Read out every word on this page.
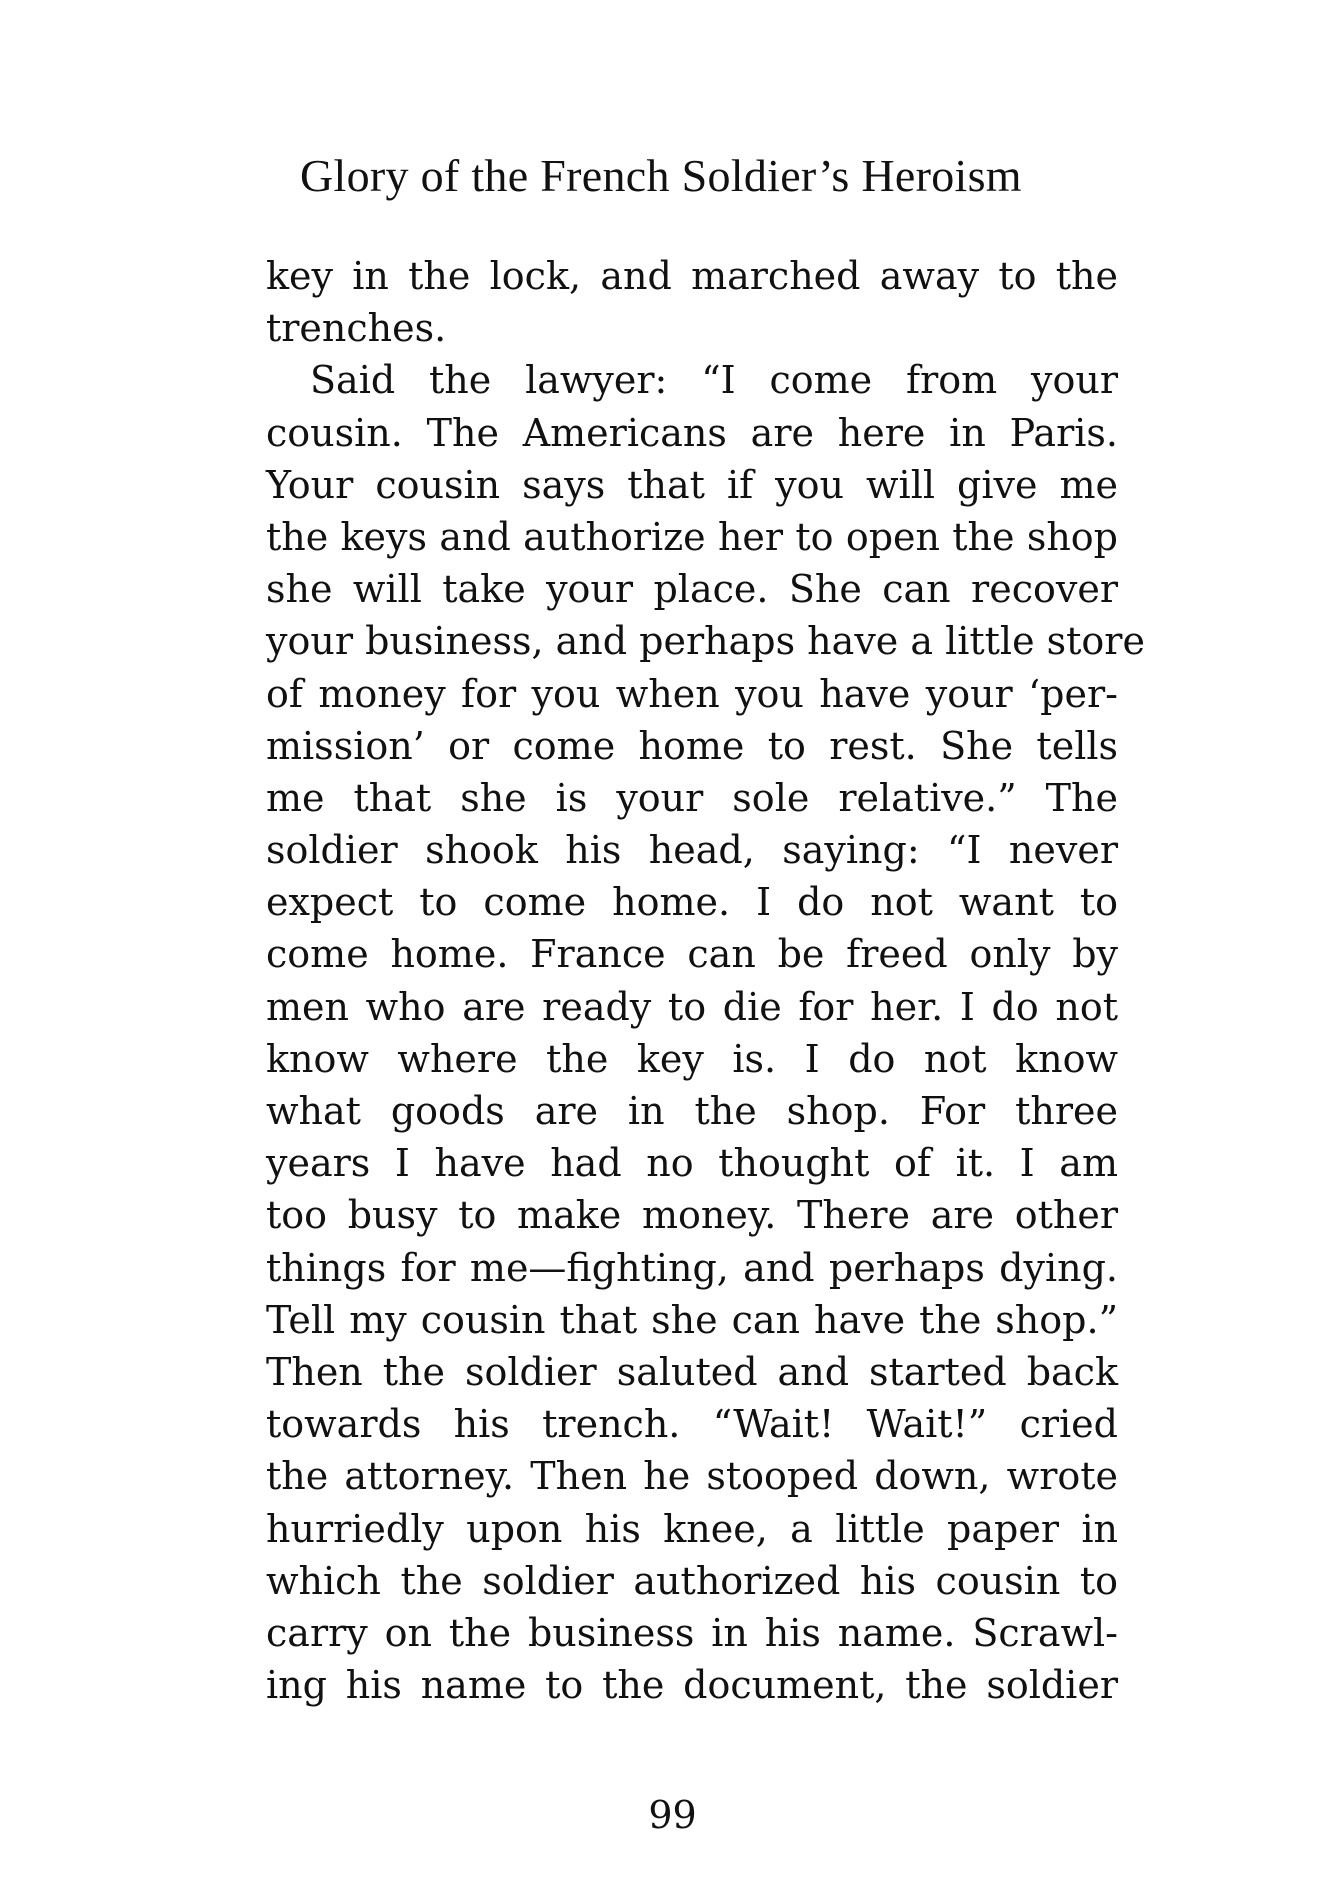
Glory of the French Soldier’s Heroism
key in the lock, and marched away to the
trenches.
Said the lawyer: “I come from your
cousin. The Americans are here in Paris.
Your cousin says that if you will give me
the keys and authorize her to open the shop
she will take your place. She can recover
your business, and perhaps have a little store
of money for you when you have your ‘per-
mission’ or come home to rest. She tells
me that she is your sole relative.” The
soldier shook his head, saying: “I never
expect to come home. I do not want to
come home. France can be freed only by
men who are ready to die for her. I do not
know where the key is. I do not know
what goods are in the shop. For three
years I have had no thought of it. I am
too busy to make money. There are other
things for me—fighting, and perhaps dying.
Tell my cousin that she can have the shop.”
Then the soldier saluted and started back
towards his trench. “Wait! Wait!” cried
the attorney. Then he stooped down, wrote
hurriedly upon his knee, a little paper in
which the soldier authorized his cousin to
carry on the business in his name. Scrawl-
ing his name to the document, the soldier
99
